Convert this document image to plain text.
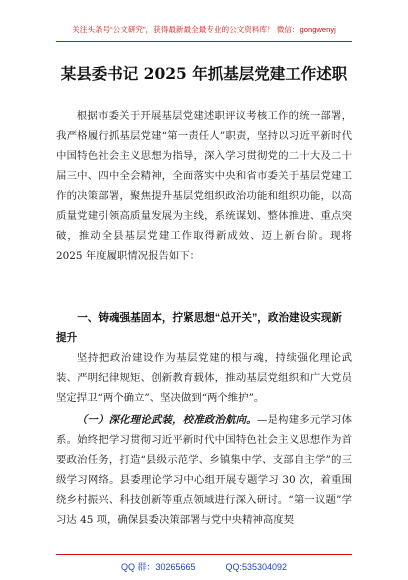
关注头条号“公文研究”，获得最新最全最专业的公文资料库！ 微信：gongwenyj
某县委书记 2025 年抓基层党建工作述职

根据市委关于开展基层党建述职评议考核工作的统一部署，我严格履行抓基层党建“第一责任人”职责，坚持以习近平新时代中国特色社会主义思想为指导，深入学习贯彻党的二十大及二十届三中、四中全会精神，全面落实中央和省市委关于基层党建工作的决策部署，聚焦提升基层党组织政治功能和组织功能，以高质量党建引领高质量发展为主线，系统谋划、整体推进、重点突破，推动全县基层党建工作取得新成效、迈上新台阶。现将 2025 年度履职情况报告如下：

一、铸魂强基固本，拧紧思想“总开关”，政治建设实现新提升

坚持把政治建设作为基层党建的根与魂，持续强化理论武装、严明纪律规矩、创新教育载体，推动基层党组织和广大党员坚定捍卫“两个确立”、坚决做到“两个维护”。

（一）深化理论武装，校准政治航向。—是构建多元学习体系。始终把学习贯彻习近平新时代中国特色社会主义思想作为首要政治任务，打造“县级示范学、乡镇集中学、支部自主学”的三级学习网络。县委理论学习中心组开展专题学习 30 次，着重围绕乡村振兴、科技创新等重点领域进行深入研讨。“第一议题”学习达 45 项，确保县委决策部署与党中央精神高度契

QQ 群：30265665	QQ:535304092
